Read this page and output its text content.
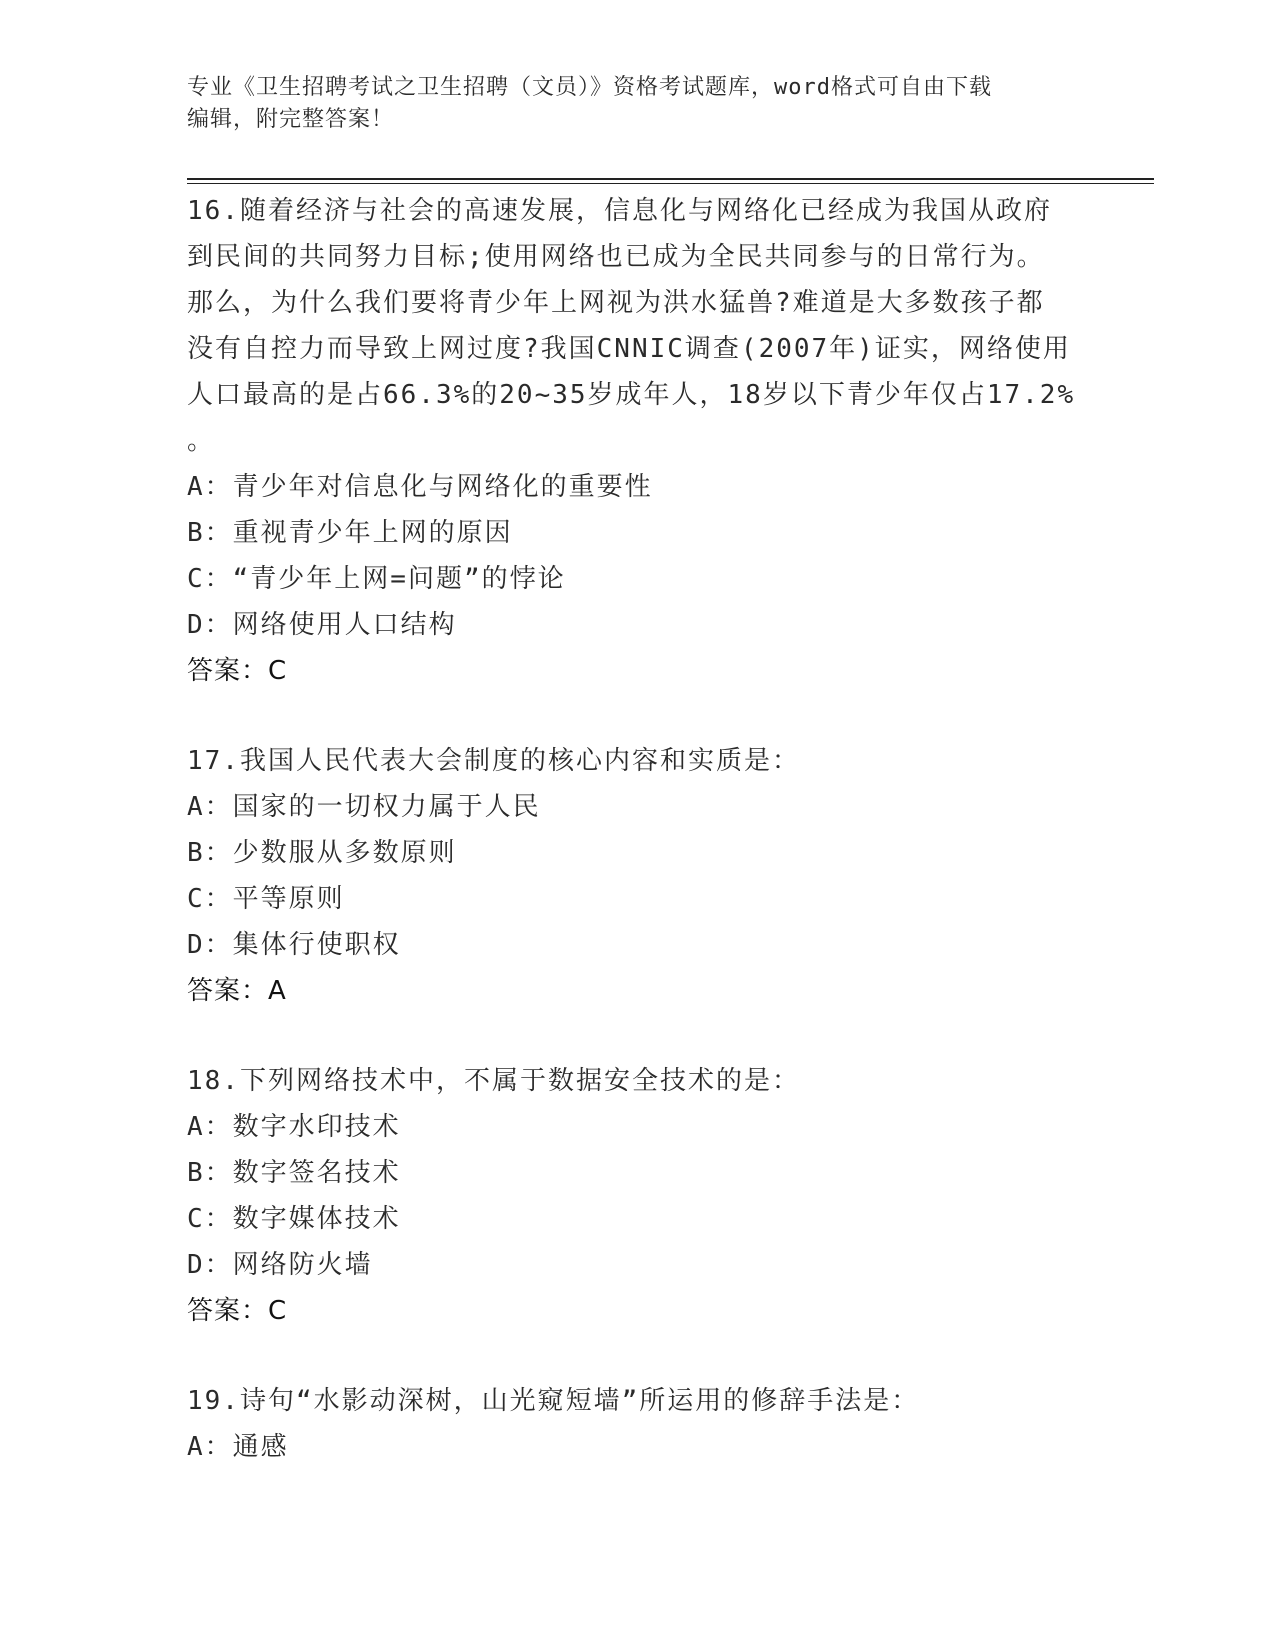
专业《卫生招聘考试之卫生招聘（文员）》资格考试题库，word格式可自由下载
编辑，附完整答案！
16.随着经济与社会的高速发展，信息化与网络化已经成为我国从政府
到民间的共同努力目标;使用网络也已成为全民共同参与的日常行为。
那么，为什么我们要将青少年上网视为洪水猛兽?难道是大多数孩子都
没有自控力而导致上网过度?我国CNNIC调查(2007年)证实，网络使用
人口最高的是占66.3%的20~35岁成年人，18岁以下青少年仅占17.2%
。
A：青少年对信息化与网络化的重要性
B：重视青少年上网的原因
C：“青少年上网=问题”的悖论
D：网络使用人口结构
答案：C
17.我国人民代表大会制度的核心内容和实质是：
A：国家的一切权力属于人民
B：少数服从多数原则
C：平等原则
D：集体行使职权
答案：A
18.下列网络技术中，不属于数据安全技术的是：
A：数字水印技术
B：数字签名技术
C：数字媒体技术
D：网络防火墙
答案：C
19.诗句“水影动深树，山光窥短墙”所运用的修辞手法是：
A：通感
